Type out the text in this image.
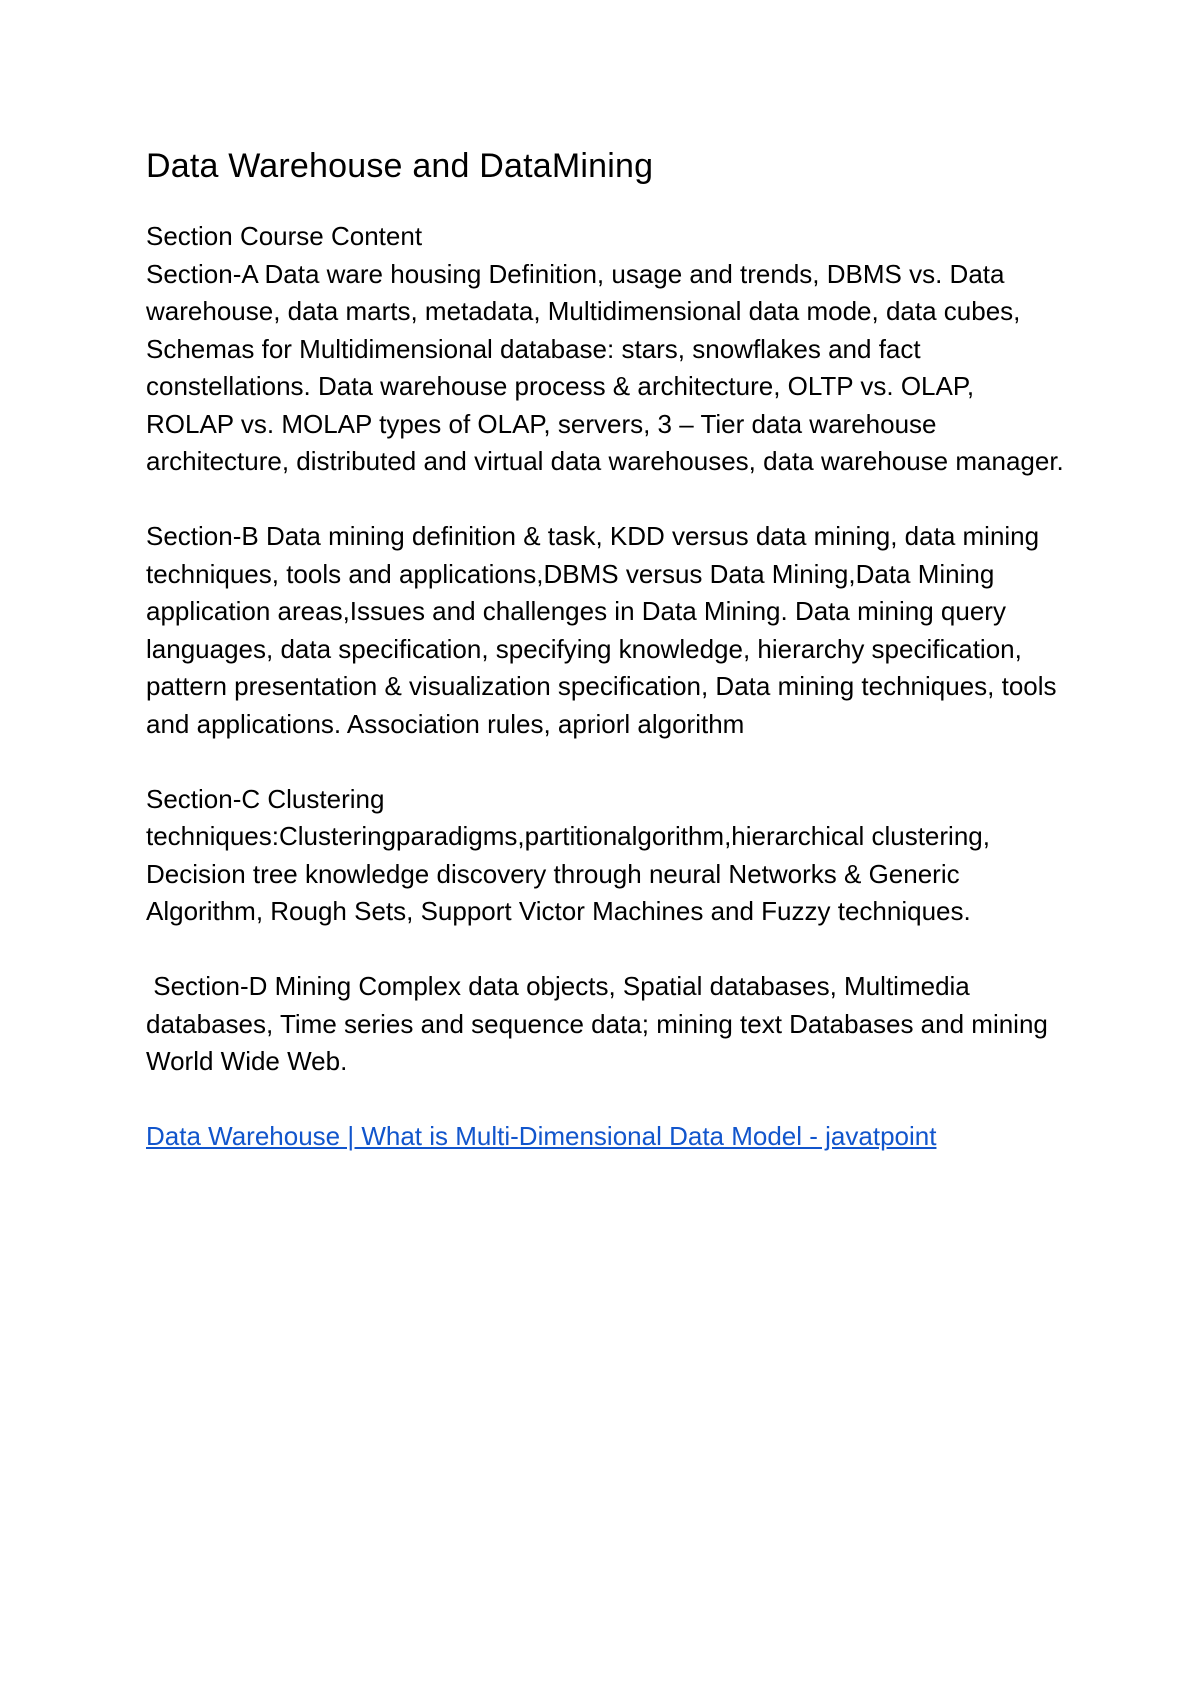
Data Warehouse and DataMining

Section Course Content

Section-A Data ware housing Definition, usage and trends, DBMS vs. Data warehouse, data marts, metadata, Multidimensional data mode, data cubes, Schemas for Multidimensional database: stars, snowflakes and fact constellations. Data warehouse process & architecture, OLTP vs. OLAP, ROLAP vs. MOLAP types of OLAP, servers, 3 – Tier data warehouse architecture, distributed and virtual data warehouses, data warehouse manager.

Section-B Data mining definition & task, KDD versus data mining, data mining techniques, tools and applications,DBMS versus Data Mining,Data Mining application areas,Issues and challenges in Data Mining. Data mining query languages, data specification, specifying knowledge, hierarchy specification, pattern presentation & visualization specification, Data mining techniques, tools and applications. Association rules, apriorl algorithm

Section-C Clustering techniques:Clusteringparadigms,partitionalgorithm,hierarchical clustering, Decision tree knowledge discovery through neural Networks & Generic Algorithm, Rough Sets, Support Victor Machines and Fuzzy techniques.

Section-D Mining Complex data objects, Spatial databases, Multimedia databases, Time series and sequence data; mining text Databases and mining World Wide Web.

Data Warehouse | What is Multi-Dimensional Data Model - javatpoint
